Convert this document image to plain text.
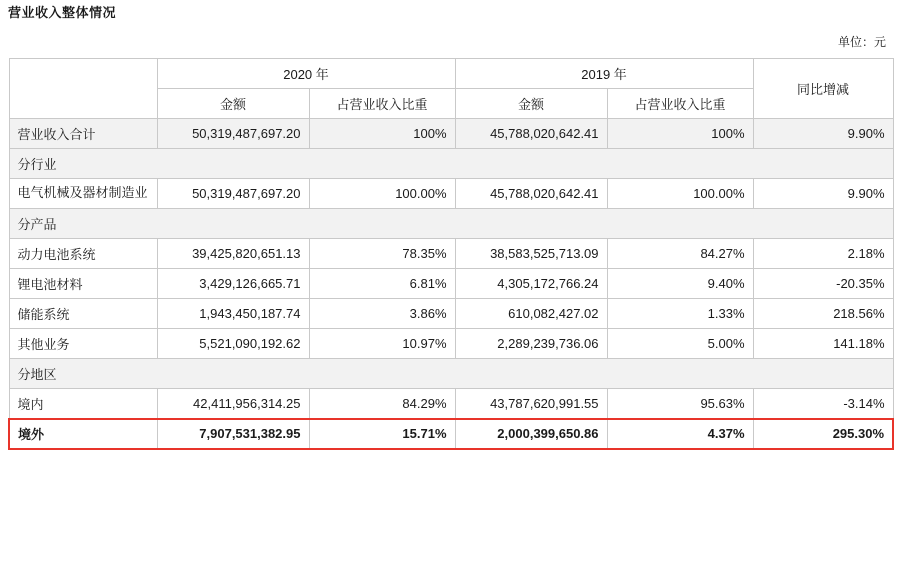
营业收入整体情况
单位：元
	2020 年		2019 年		同比增减
	金额	占营业收入比重	金额	占营业收入比重	
营业收入合计	50,319,487,697.20	100%	45,788,020,642.41	100%	9.90%
分行业					
电气机械及器材制造业	50,319,487,697.20	100.00%	45,788,020,642.41	100.00%	9.90%
分产品					
动力电池系统	39,425,820,651.13	78.35%	38,583,525,713.09	84.27%	2.18%
锂电池材料	3,429,126,665.71	6.81%	4,305,172,766.24	9.40%	-20.35%
储能系统	1,943,450,187.74	3.86%	610,082,427.02	1.33%	218.56%
其他业务	5,521,090,192.62	10.97%	2,289,239,736.06	5.00%	141.18%
分地区					
境内	42,411,956,314.25	84.29%	43,787,620,991.55	95.63%	-3.14%
境外	7,907,531,382.95	15.71%	2,000,399,650.86	4.37%	295.30%
